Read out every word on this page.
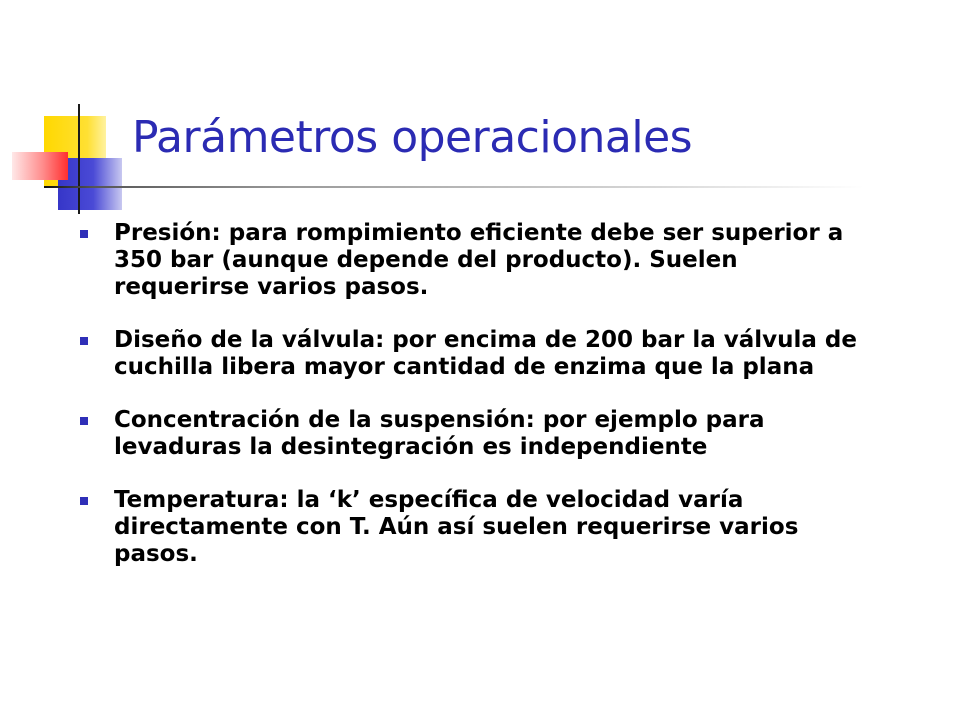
Parámetros operacionales
Presión: para rompimiento eficiente debe ser superior a 350 bar (aunque depende del producto). Suelen requerirse varios pasos.
Diseño de la válvula: por encima de 200 bar la válvula de cuchilla libera mayor cantidad de enzima que la plana
Concentración de la suspensión: por ejemplo para levaduras la desintegración es independiente
Temperatura: la ‘k’ específica de velocidad varía directamente con T. Aún así suelen requerirse varios pasos.
